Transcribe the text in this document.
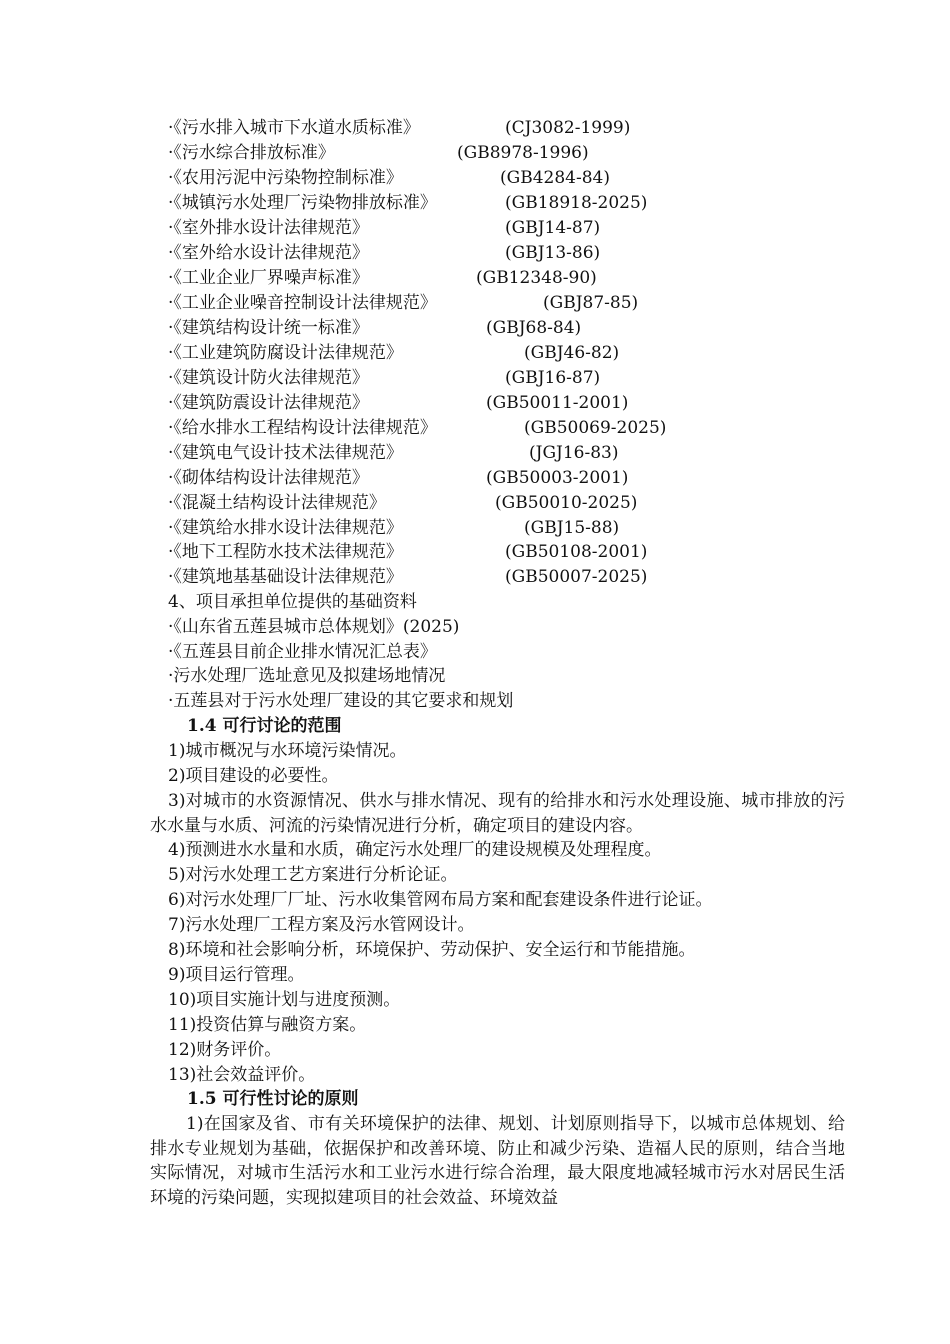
·《污水排入城市下水道水质标准》	(CJ3082-1999)
·《污水综合排放标准》	(GB8978-1996)
·《农用污泥中污染物控制标准》	(GB4284-84)
·《城镇污水处理厂污染物排放标准》	(GB18918-2025)
·《室外排水设计法律规范》	(GBJ14-87)
·《室外给水设计法律规范》	(GBJ13-86)
·《工业企业厂界噪声标准》	(GB12348-90)
·《工业企业噪音控制设计法律规范》	(GBJ87-85)
·《建筑结构设计统一标准》	(GBJ68-84)
·《工业建筑防腐设计法律规范》	(GBJ46-82)
·《建筑设计防火法律规范》	(GBJ16-87)
·《建筑防震设计法律规范》	(GB50011-2001)
·《给水排水工程结构设计法律规范》	(GB50069-2025)
·《建筑电气设计技术法律规范》	(JGJ16-83)
·《砌体结构设计法律规范》	(GB50003-2001)
·《混凝土结构设计法律规范》	(GB50010-2025)
·《建筑给水排水设计法律规范》	(GBJ15-88)
·《地下工程防水技术法律规范》	(GB50108-2001)
·《建筑地基基础设计法律规范》	(GB50007-2025)
4、项目承担单位提供的基础资料
·《山东省五莲县城市总体规划》(2025)
·《五莲县目前企业排水情况汇总表》
·污水处理厂选址意见及拟建场地情况
·五莲县对于污水处理厂建设的其它要求和规划
1.4 可行讨论的范围
1)城市概况与水环境污染情况。
2)项目建设的必要性。
3)对城市的水资源情况、供水与排水情况、现有的给排水和污水处理设施、城市排放的污水水量与水质、河流的污染情况进行分析，确定项目的建设内容。
4)预测进水水量和水质，确定污水处理厂的建设规模及处理程度。
5)对污水处理工艺方案进行分析论证。
6)对污水处理厂厂址、污水收集管网布局方案和配套建设条件进行论证。
7)污水处理厂工程方案及污水管网设计。
8)环境和社会影响分析，环境保护、劳动保护、安全运行和节能措施。
9)项目运行管理。
10)项目实施计划与进度预测。
11)投资估算与融资方案。
12)财务评价。
13)社会效益评价。
1.5 可行性讨论的原则
1)在国家及省、市有关环境保护的法律、规划、计划原则指导下，以城市总体规划、给排水专业规划为基础，依据保护和改善环境、防止和减少污染、造福人民的原则，结合当地实际情况，对城市生活污水和工业污水进行综合治理，最大限度地减轻城市污水对居民生活环境的污染问题，实现拟建项目的社会效益、环境效益
